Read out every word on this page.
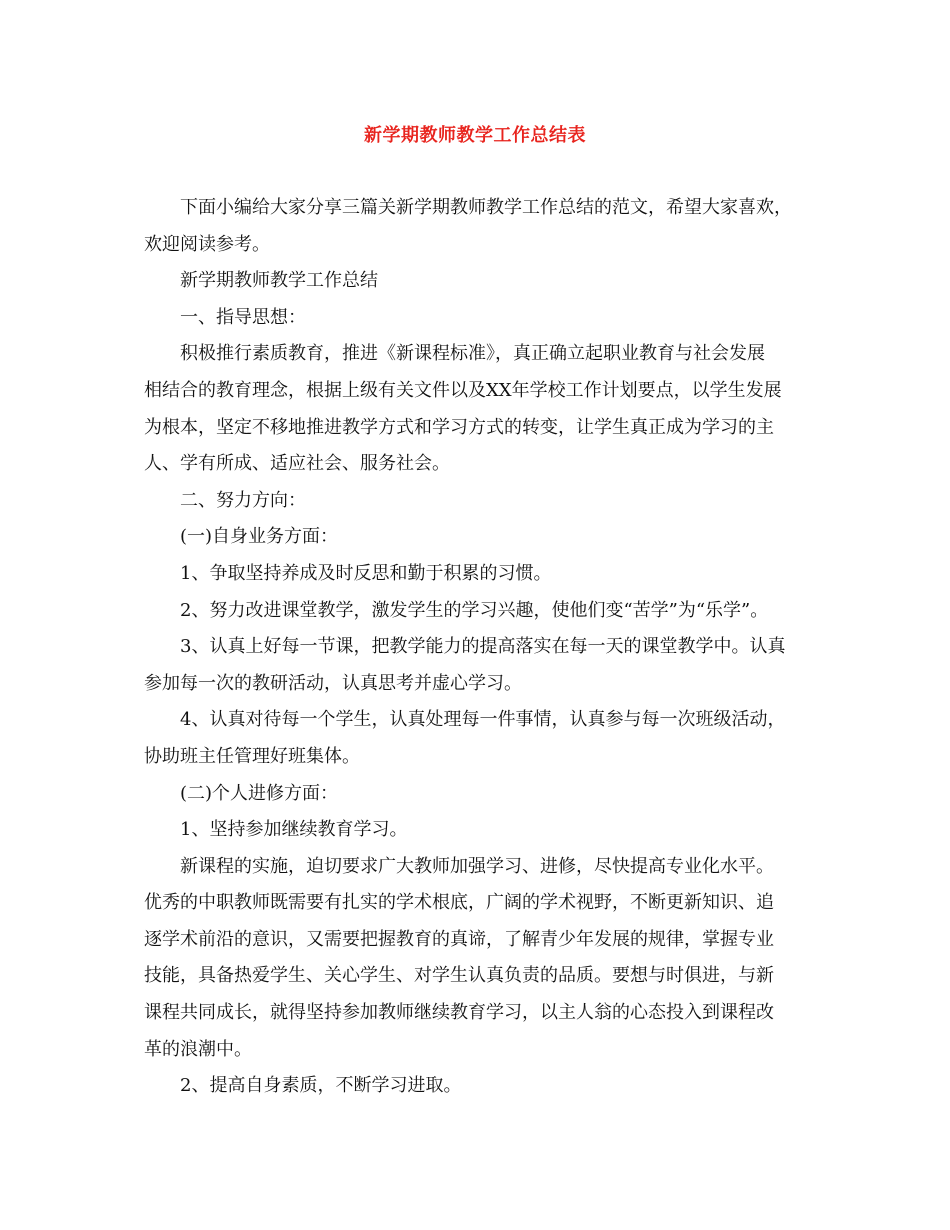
新学期教师教学工作总结表

下面小编给大家分享三篇关新学期教师教学工作总结的范文，希望大家喜欢，
欢迎阅读参考。

新学期教师教学工作总结

一、指导思想：

积极推行素质教育，推进《新课程标准》，真正确立起职业教育与社会发展
相结合的教育理念，根据上级有关文件以及XX年学校工作计划要点，以学生发展
为根本，坚定不移地推进教学方式和学习方式的转变，让学生真正成为学习的主
人、学有所成、适应社会、服务社会。

二、努力方向：

(一)自身业务方面：

1、争取坚持养成及时反思和勤于积累的习惯。

2、努力改进课堂教学，激发学生的学习兴趣，使他们变“苦学”为“乐学”。

3、认真上好每一节课，把教学能力的提高落实在每一天的课堂教学中。认真
参加每一次的教研活动，认真思考并虚心学习。

4、认真对待每一个学生，认真处理每一件事情，认真参与每一次班级活动，
协助班主任管理好班集体。

(二)个人进修方面：

1、坚持参加继续教育学习。

新课程的实施，迫切要求广大教师加强学习、进修，尽快提高专业化水平。
优秀的中职教师既需要有扎实的学术根底，广阔的学术视野，不断更新知识、追
逐学术前沿的意识，又需要把握教育的真谛，了解青少年发展的规律，掌握专业
技能，具备热爱学生、关心学生、对学生认真负责的品质。要想与时俱进，与新
课程共同成长，就得坚持参加教师继续教育学习，以主人翁的心态投入到课程改
革的浪潮中。

2、提高自身素质，不断学习进取。
